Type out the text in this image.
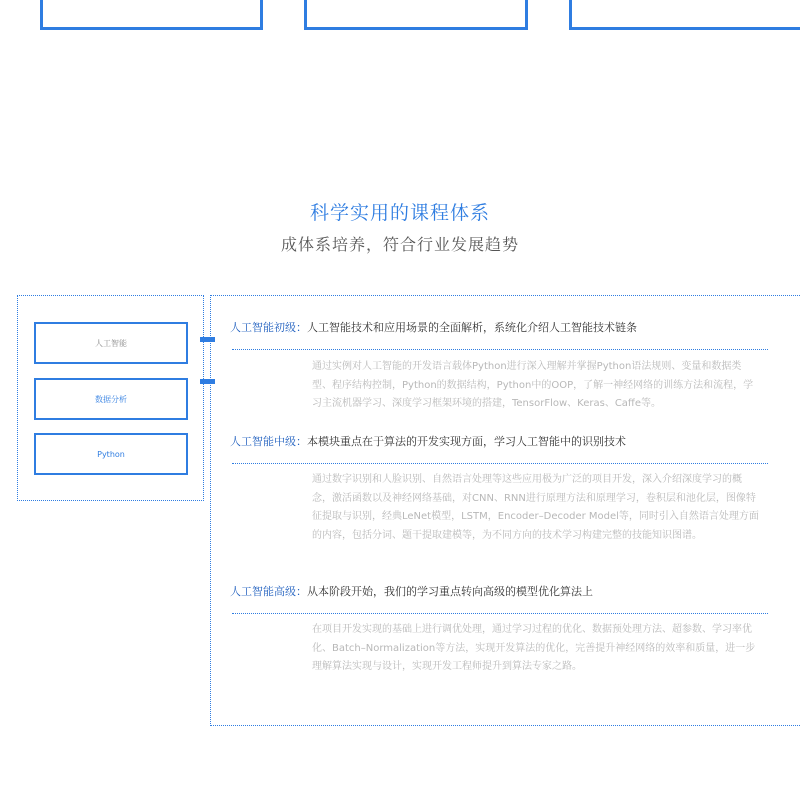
科学实用的课程体系
成体系培养，符合行业发展趋势
人工智能
数据分析
Python
人工智能初级：人工智能技术和应用场景的全面解析，系统化介绍人工智能技术链条
通过实例对人工智能的开发语言载体Python进行深入理解并掌握Python语法规则、变量和数据类型、程序结构控制，Python的数据结构，Python中的OOP，了解一神经网络的训练方法和流程，学习主流机器学习、深度学习框架环境的搭建，TensorFlow、Keras、Caffe等。
人工智能中级：本模块重点在于算法的开发实现方面，学习人工智能中的识别技术
通过数字识别和人脸识别、自然语言处理等这些应用极为广泛的项目开发，深入介绍深度学习的概念，激活函数以及神经网络基础，对CNN、RNN进行原理方法和原理学习，卷积层和池化层，图像特征提取与识别，经典LeNet模型，LSTM，Encoder–Decoder Model等，同时引入自然语言处理方面的内容，包括分词、题干提取建模等，为不同方向的技术学习构建完整的技能知识图谱。
人工智能高级：从本阶段开始，我们的学习重点转向高级的模型优化算法上
在项目开发实现的基础上进行调优处理，通过学习过程的优化、数据预处理方法、超参数、学习率优化、Batch–Normalization等方法，实现开发算法的优化，完善提升神经网络的效率和质量，进一步理解算法实现与设计，实现开发工程师提升到算法专家之路。
